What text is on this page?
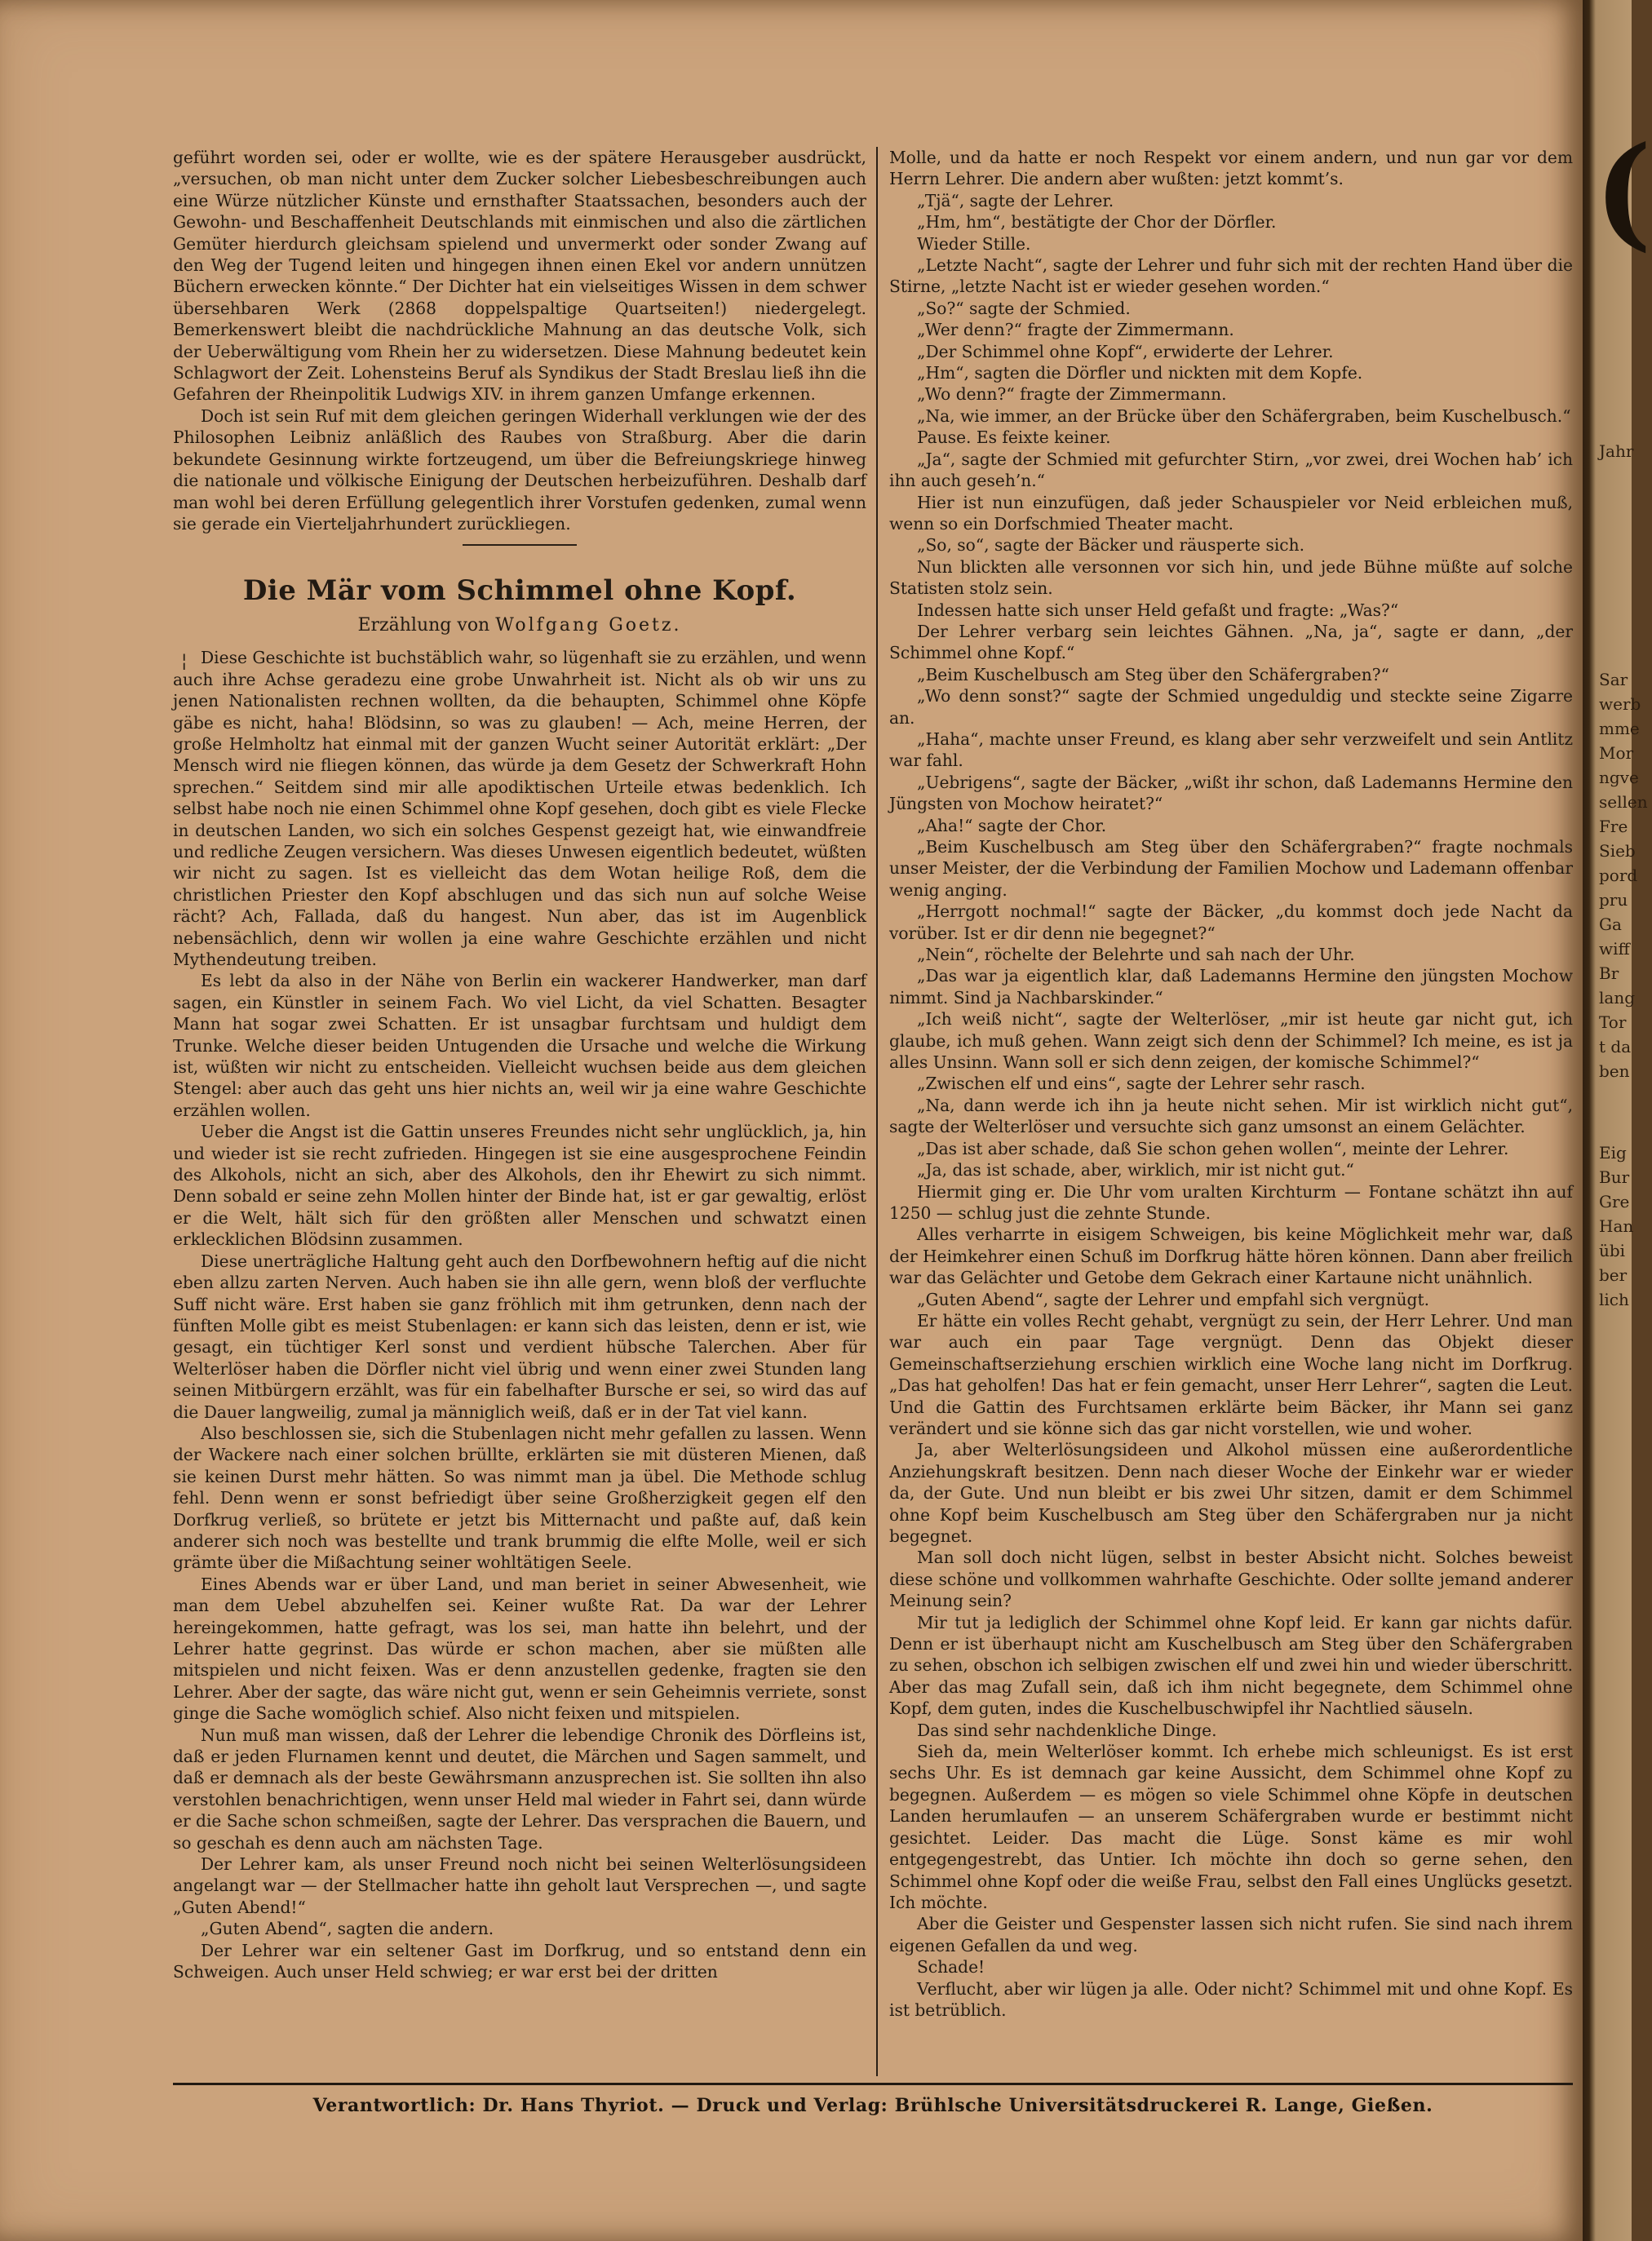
geführt worden sei, oder er wollte, wie es der spätere Herausgeber ausdrückt, „versuchen, ob man nicht unter dem Zucker solcher Liebesbeschreibungen auch eine Würze nützlicher Künste und ernsthafter Staatssachen, besonders auch der Gewohn- und Beschaffenheit Deutschlands mit einmischen und also die zärtlichen Gemüter hierdurch gleichsam spielend und unvermerkt oder sonder Zwang auf den Weg der Tugend leiten und hingegen ihnen einen Ekel vor andern unnützen Büchern erwecken könnte.“ Der Dichter hat ein vielseitiges Wissen in dem schwer übersehbaren Werk (2868 doppelspaltige Quartseiten!) niedergelegt. Bemerkenswert bleibt die nachdrückliche Mahnung an das deutsche Volk, sich der Ueberwältigung vom Rhein her zu widersetzen. Diese Mahnung bedeutet kein Schlagwort der Zeit. Lohensteins Beruf als Syndikus der Stadt Breslau ließ ihn die Gefahren der Rheinpolitik Ludwigs XIV. in ihrem ganzen Umfange erkennen.

Doch ist sein Ruf mit dem gleichen geringen Widerhall verklungen wie der des Philosophen Leibniz anläßlich des Raubes von Straßburg. Aber die darin bekundete Gesinnung wirkte fortzeugend, um über die Befreiungskriege hinweg die nationale und völkische Einigung der Deutschen herbeizuführen. Deshalb darf man wohl bei deren Erfüllung gelegentlich ihrer Vorstufen gedenken, zumal wenn sie gerade ein Vierteljahrhundert zurückliegen.

Die Mär vom Schimmel ohne Kopf.

Erzählung von Wolfgang Goetz.

Diese Geschichte ist buchstäblich wahr, so lügenhaft sie zu erzählen, und wenn auch ihre Achse geradezu eine grobe Unwahrheit ist. Nicht als ob wir uns zu jenen Nationalisten rechnen wollten, da die behaupten, Schimmel ohne Köpfe gäbe es nicht, haha! Blödsinn, so was zu glauben! — Ach, meine Herren, der große Helmholtz hat einmal mit der ganzen Wucht seiner Autorität erklärt: „Der Mensch wird nie fliegen können, das würde ja dem Gesetz der Schwerkraft Hohn sprechen.“ Seitdem sind mir alle apodiktischen Urteile etwas bedenklich. Ich selbst habe noch nie einen Schimmel ohne Kopf gesehen, doch gibt es viele Flecke in deutschen Landen, wo sich ein solches Gespenst gezeigt hat, wie einwandfreie und redliche Zeugen versichern. Was dieses Unwesen eigentlich bedeutet, wüßten wir nicht zu sagen. Ist es vielleicht das dem Wotan heilige Roß, dem die christlichen Priester den Kopf abschlugen und das sich nun auf solche Weise rächt? Ach, Fallada, daß du hangest. Nun aber, das ist im Augenblick nebensächlich, denn wir wollen ja eine wahre Geschichte erzählen und nicht Mythendeutung treiben.

Es lebt da also in der Nähe von Berlin ein wackerer Handwerker, man darf sagen, ein Künstler in seinem Fach. Wo viel Licht, da viel Schatten. Besagter Mann hat sogar zwei Schatten. Er ist unsagbar furchtsam und huldigt dem Trunke. Welche dieser beiden Untugenden die Ursache und welche die Wirkung ist, wüßten wir nicht zu entscheiden. Vielleicht wuchsen beide aus dem gleichen Stengel: aber auch das geht uns hier nichts an, weil wir ja eine wahre Geschichte erzählen wollen.

Ueber die Angst ist die Gattin unseres Freundes nicht sehr unglücklich, ja, hin und wieder ist sie recht zufrieden. Hingegen ist sie eine ausgesprochene Feindin des Alkohols, nicht an sich, aber des Alkohols, den ihr Ehewirt zu sich nimmt. Denn sobald er seine zehn Mollen hinter der Binde hat, ist er gar gewaltig, erlöst er die Welt, hält sich für den größten aller Menschen und schwatzt einen erklecklichen Blödsinn zusammen.

Diese unerträgliche Haltung geht auch den Dorfbewohnern heftig auf die nicht eben allzu zarten Nerven. Auch haben sie ihn alle gern, wenn bloß der verfluchte Suff nicht wäre. Erst haben sie ganz fröhlich mit ihm getrunken, denn nach der fünften Molle gibt es meist Stubenlagen: er kann sich das leisten, denn er ist, wie gesagt, ein tüchtiger Kerl sonst und verdient hübsche Talerchen. Aber für Welterlöser haben die Dörfler nicht viel übrig und wenn einer zwei Stunden lang seinen Mitbürgern erzählt, was für ein fabelhafter Bursche er sei, so wird das auf die Dauer langweilig, zumal ja männiglich weiß, daß er in der Tat viel kann.

Also beschlossen sie, sich die Stubenlagen nicht mehr gefallen zu lassen. Wenn der Wackere nach einer solchen brüllte, erklärten sie mit düsteren Mienen, daß sie keinen Durst mehr hätten. So was nimmt man ja übel. Die Methode schlug fehl. Denn wenn er sonst befriedigt über seine Großherzigkeit gegen elf den Dorfkrug verließ, so brütete er jetzt bis Mitternacht und paßte auf, daß kein anderer sich noch was bestellte und trank brummig die elfte Molle, weil er sich grämte über die Mißachtung seiner wohltätigen Seele.

Eines Abends war er über Land, und man beriet in seiner Abwesenheit, wie man dem Uebel abzuhelfen sei. Keiner wußte Rat. Da war der Lehrer hereingekommen, hatte gefragt, was los sei, man hatte ihn belehrt, und der Lehrer hatte gegrinst. Das würde er schon machen, aber sie müßten alle mitspielen und nicht feixen. Was er denn anzustellen gedenke, fragten sie den Lehrer. Aber der sagte, das wäre nicht gut, wenn er sein Geheimnis verriete, sonst ginge die Sache womöglich schief. Also nicht feixen und mitspielen.

Nun muß man wissen, daß der Lehrer die lebendige Chronik des Dörfleins ist, daß er jeden Flurnamen kennt und deutet, die Märchen und Sagen sammelt, und daß er demnach als der beste Gewährsmann anzusprechen ist. Sie sollten ihn also verstohlen benachrichtigen, wenn unser Held mal wieder in Fahrt sei, dann würde er die Sache schon schmeißen, sagte der Lehrer. Das versprachen die Bauern, und so geschah es denn auch am nächsten Tage.

Der Lehrer kam, als unser Freund noch nicht bei seinen Welterlösungsideen angelangt war — der Stellmacher hatte ihn geholt laut Versprechen —, und sagte „Guten Abend!“

„Guten Abend“, sagten die andern.

Der Lehrer war ein seltener Gast im Dorfkrug, und so entstand denn ein Schweigen. Auch unser Held schwieg; er war erst bei der dritten

¦

Molle, und da hatte er noch Respekt vor einem andern, und nun gar vor dem Herrn Lehrer. Die andern aber wußten: jetzt kommt’s.

„Tjä“, sagte der Lehrer.

„Hm, hm“, bestätigte der Chor der Dörfler.

Wieder Stille.

„Letzte Nacht“, sagte der Lehrer und fuhr sich mit der rechten Hand über die Stirne, „letzte Nacht ist er wieder gesehen worden.“

„So?“ sagte der Schmied.

„Wer denn?“ fragte der Zimmermann.

„Der Schimmel ohne Kopf“, erwiderte der Lehrer.

„Hm“, sagten die Dörfler und nickten mit dem Kopfe.

„Wo denn?“ fragte der Zimmermann.

„Na, wie immer, an der Brücke über den Schäfergraben, beim Kuschelbusch.“

Pause. Es feixte keiner.

„Ja“, sagte der Schmied mit gefurchter Stirn, „vor zwei, drei Wochen hab’ ich ihn auch geseh’n.“

Hier ist nun einzufügen, daß jeder Schauspieler vor Neid erbleichen muß, wenn so ein Dorfschmied Theater macht.

„So, so“, sagte der Bäcker und räusperte sich.

Nun blickten alle versonnen vor sich hin, und jede Bühne müßte auf solche Statisten stolz sein.

Indessen hatte sich unser Held gefaßt und fragte: „Was?“

Der Lehrer verbarg sein leichtes Gähnen. „Na, ja“, sagte er dann, „der Schimmel ohne Kopf.“

„Beim Kuschelbusch am Steg über den Schäfergraben?“

„Wo denn sonst?“ sagte der Schmied ungeduldig und steckte seine Zigarre an.

„Haha“, machte unser Freund, es klang aber sehr verzweifelt und sein Antlitz war fahl.

„Uebrigens“, sagte der Bäcker, „wißt ihr schon, daß Lademanns Hermine den Jüngsten von Mochow heiratet?“

„Aha!“ sagte der Chor.

„Beim Kuschelbusch am Steg über den Schäfergraben?“ fragte nochmals unser Meister, der die Verbindung der Familien Mochow und Lademann offenbar wenig anging.

„Herrgott nochmal!“ sagte der Bäcker, „du kommst doch jede Nacht da vorüber. Ist er dir denn nie begegnet?“

„Nein“, röchelte der Belehrte und sah nach der Uhr.

„Das war ja eigentlich klar, daß Lademanns Hermine den jüngsten Mochow nimmt. Sind ja Nachbarskinder.“

„Ich weiß nicht“, sagte der Welterlöser, „mir ist heute gar nicht gut, ich glaube, ich muß gehen. Wann zeigt sich denn der Schimmel? Ich meine, es ist ja alles Unsinn. Wann soll er sich denn zeigen, der komische Schimmel?“

„Zwischen elf und eins“, sagte der Lehrer sehr rasch.

„Na, dann werde ich ihn ja heute nicht sehen. Mir ist wirklich nicht gut“, sagte der Welterlöser und versuchte sich ganz umsonst an einem Gelächter.

„Das ist aber schade, daß Sie schon gehen wollen“, meinte der Lehrer.

„Ja, das ist schade, aber, wirklich, mir ist nicht gut.“

Hiermit ging er. Die Uhr vom uralten Kirchturm — Fontane schätzt ihn auf 1250 — schlug just die zehnte Stunde.

Alles verharrte in eisigem Schweigen, bis keine Möglichkeit mehr war, daß der Heimkehrer einen Schuß im Dorfkrug hätte hören können. Dann aber freilich war das Gelächter und Getobe dem Gekrach einer Kartaune nicht unähnlich.

„Guten Abend“, sagte der Lehrer und empfahl sich vergnügt.

Er hätte ein volles Recht gehabt, vergnügt zu sein, der Herr Lehrer. Und man war auch ein paar Tage vergnügt. Denn das Objekt dieser Gemeinschaftserziehung erschien wirklich eine Woche lang nicht im Dorfkrug. „Das hat geholfen! Das hat er fein gemacht, unser Herr Lehrer“, sagten die Leut. Und die Gattin des Furchtsamen erklärte beim Bäcker, ihr Mann sei ganz verändert und sie könne sich das gar nicht vorstellen, wie und woher.

Ja, aber Welterlösungsideen und Alkohol müssen eine außerordentliche Anziehungskraft besitzen. Denn nach dieser Woche der Einkehr war er wieder da, der Gute. Und nun bleibt er bis zwei Uhr sitzen, damit er dem Schimmel ohne Kopf beim Kuschelbusch am Steg über den Schäfergraben nur ja nicht begegnet.

Man soll doch nicht lügen, selbst in bester Absicht nicht. Solches beweist diese schöne und vollkommen wahrhafte Geschichte. Oder sollte jemand anderer Meinung sein?

Mir tut ja lediglich der Schimmel ohne Kopf leid. Er kann gar nichts dafür. Denn er ist überhaupt nicht am Kuschelbusch am Steg über den Schäfergraben zu sehen, obschon ich selbigen zwischen elf und zwei hin und wieder überschritt. Aber das mag Zufall sein, daß ich ihm nicht begegnete, dem Schimmel ohne Kopf, dem guten, indes die Kuschelbuschwipfel ihr Nachtlied säuseln.

Das sind sehr nachdenkliche Dinge.

Sieh da, mein Welterlöser kommt. Ich erhebe mich schleunigst. Es ist erst sechs Uhr. Es ist demnach gar keine Aussicht, dem Schimmel ohne Kopf zu begegnen. Außerdem — es mögen so viele Schimmel ohne Köpfe in deutschen Landen herumlaufen — an unserem Schäfergraben wurde er bestimmt nicht gesichtet. Leider. Das macht die Lüge. Sonst käme es mir wohl entgegengestrebt, das Untier. Ich möchte ihn doch so gerne sehen, den Schimmel ohne Kopf oder die weiße Frau, selbst den Fall eines Unglücks gesetzt. Ich möchte.

Aber die Geister und Gespenster lassen sich nicht rufen. Sie sind nach ihrem eigenen Gefallen da und weg.

Schade!

Verflucht, aber wir lügen ja alle. Oder nicht? Schimmel mit und ohne Kopf. Es ist betrüblich.

Verantwortlich: Dr. Hans Thyriot. — Druck und Verlag: Brühlsche Universitätsdruckerei R. Lange, Gießen.
(
Jahr
Sar
werb
mme
Mor
ngve
sellen
Fre
Sieb
pord
pru
Ga
wiff
Br
lang
Tor
t da
ben
Eig
Bur
Gre
Han
übi
ber
lich
